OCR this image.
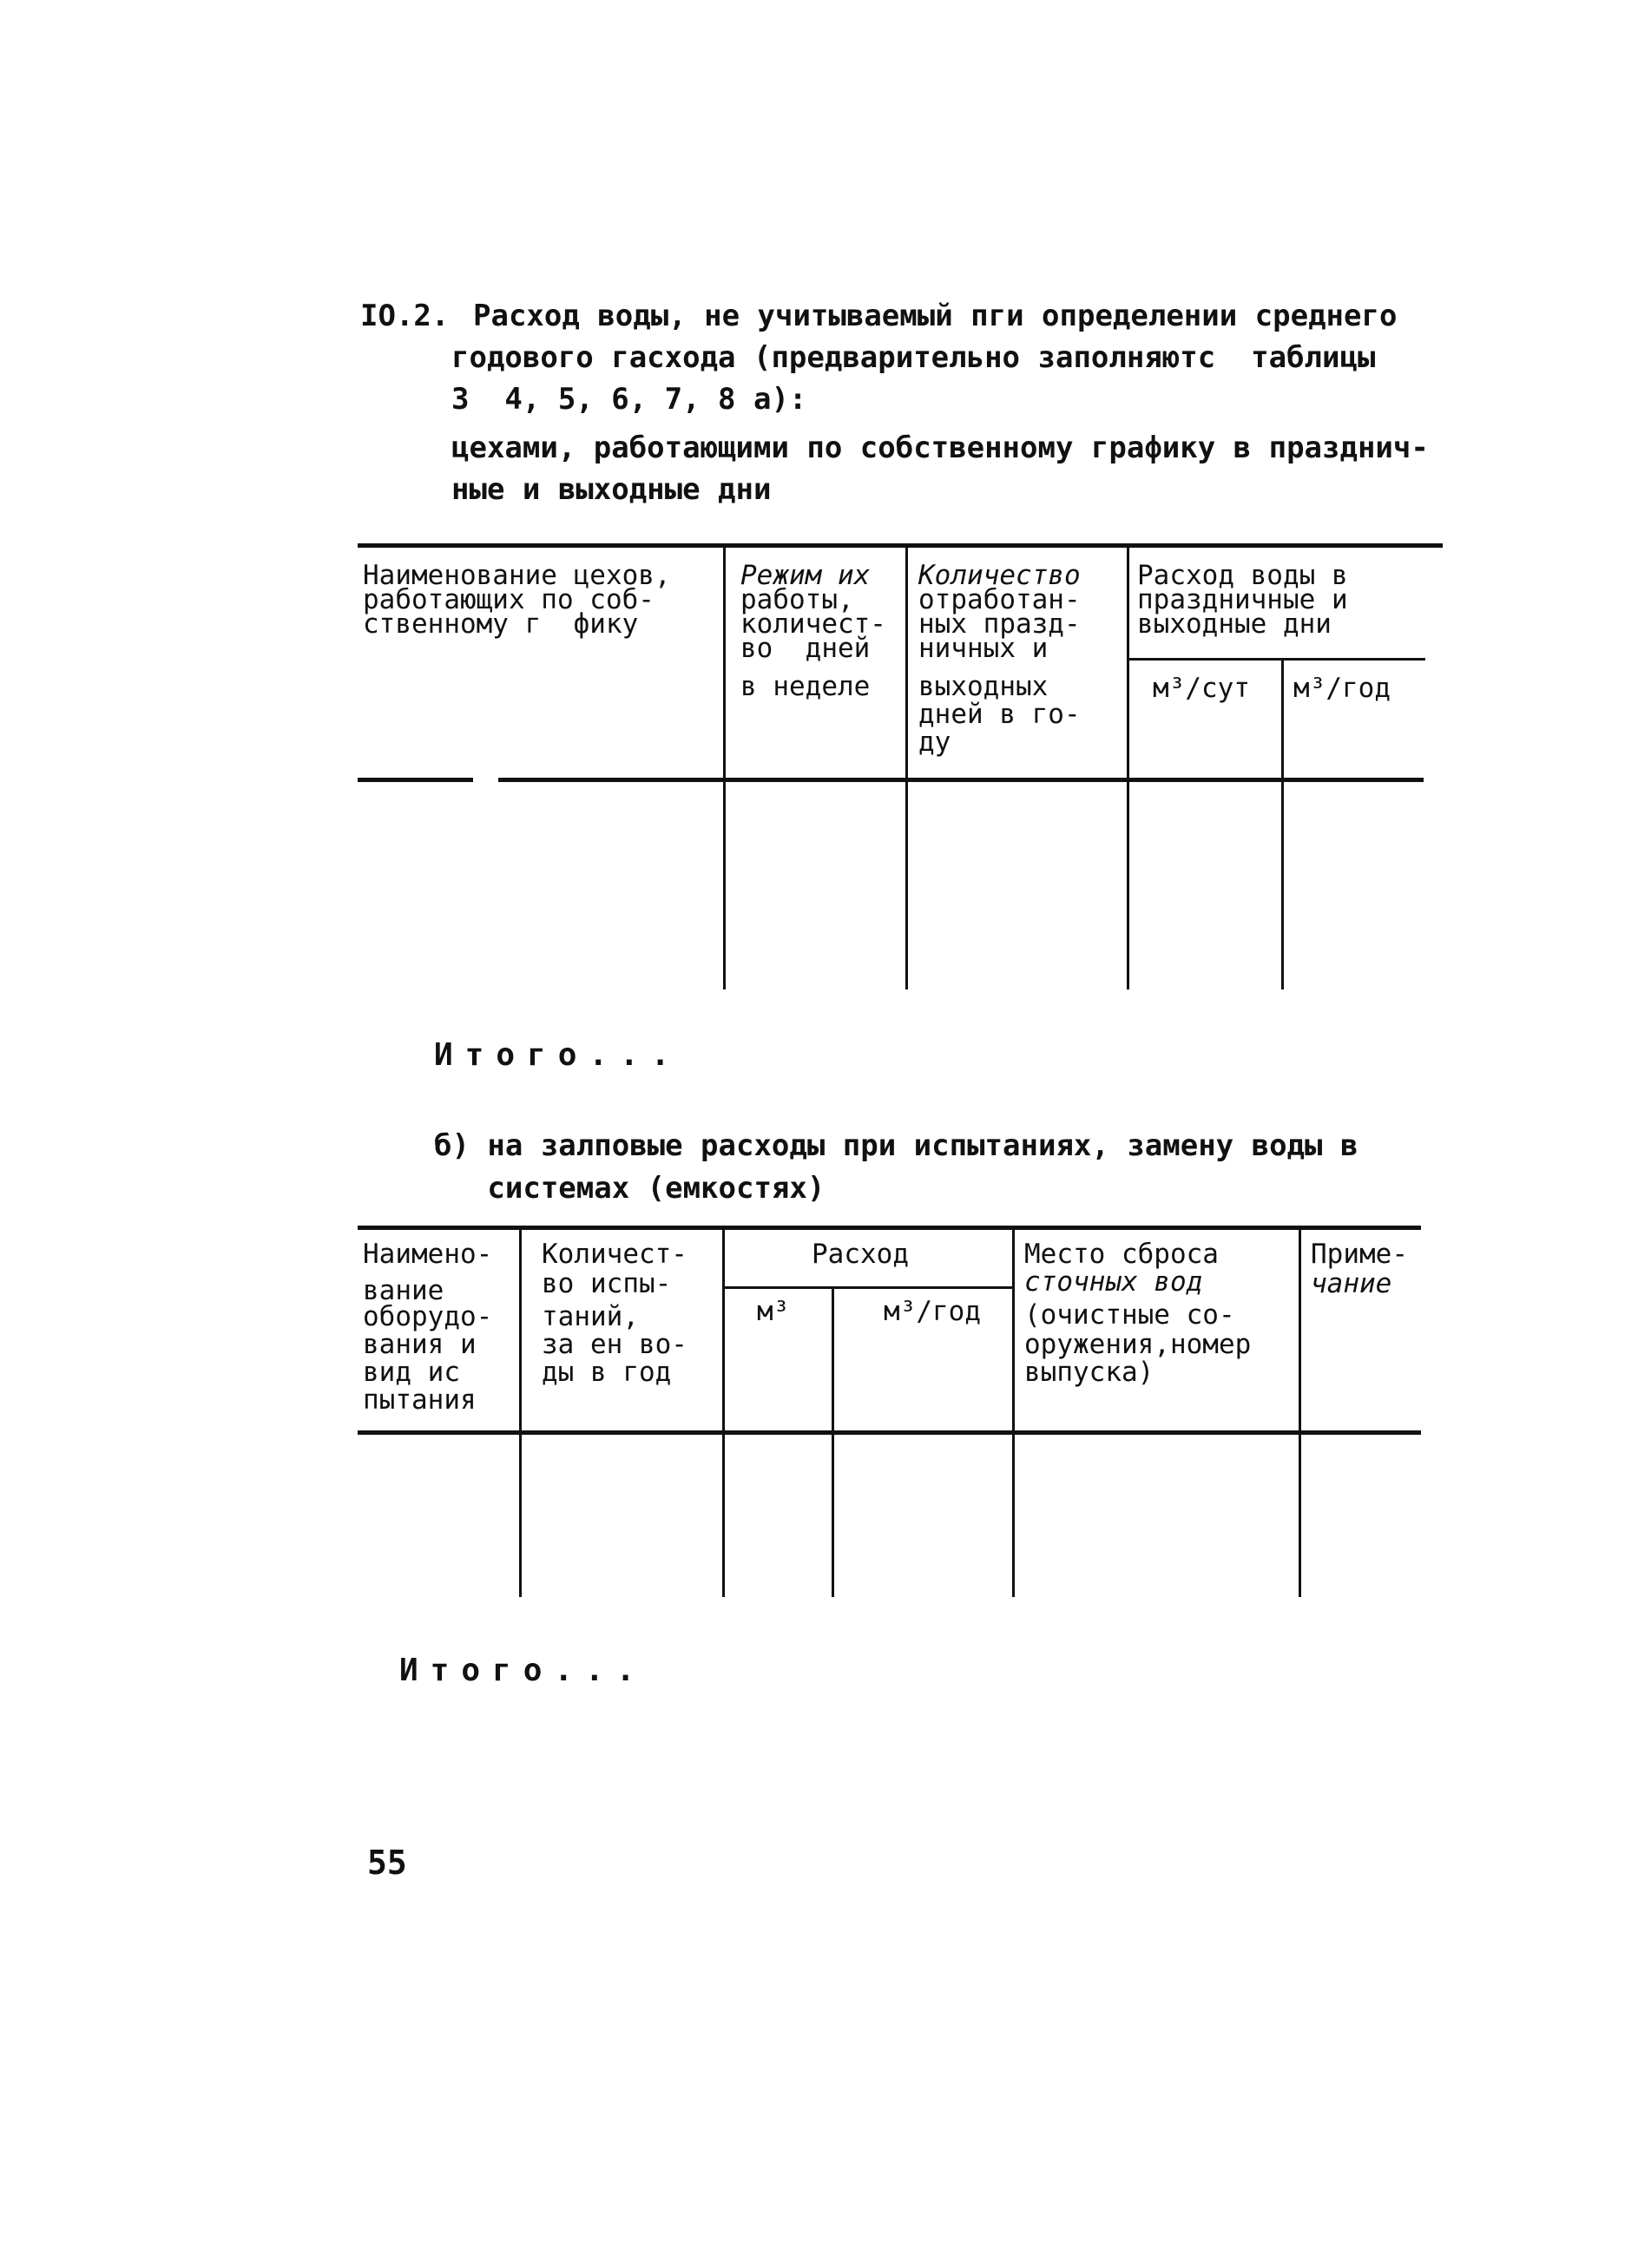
IO.2. Расход воды, не учитываемый пги определении среднего
годового гасхода (предварительно заполняютс  таблицы
3  4, 5, 6, 7, 8 а):
цехами, работающими по собственному графику в празднич-
ные и выходные дни
Наименование цехов,
работающих по соб-
ственному г  фику
Режим их
работы,
количест-
во  дней
в неделе
Количество
отработан-
ных празд-
ничных и
выходных
дней в го-
ду
Расход воды в
праздничные и
выходные дни
м³/сут м³/год
Итого...
б) на залповые расходы при испытаниях, замену воды в
системах (емкостях)
Наимено-
вание
оборудо-
вания и
вид ис
пытания
Количест-
во испы-
таний,
за ен во-
ды в год
Расход
м³	м³/год
Место сброса
сточных вод
(очистные со-
оружения,номер
выпуска)
Приме-
чание
Итого...
55
